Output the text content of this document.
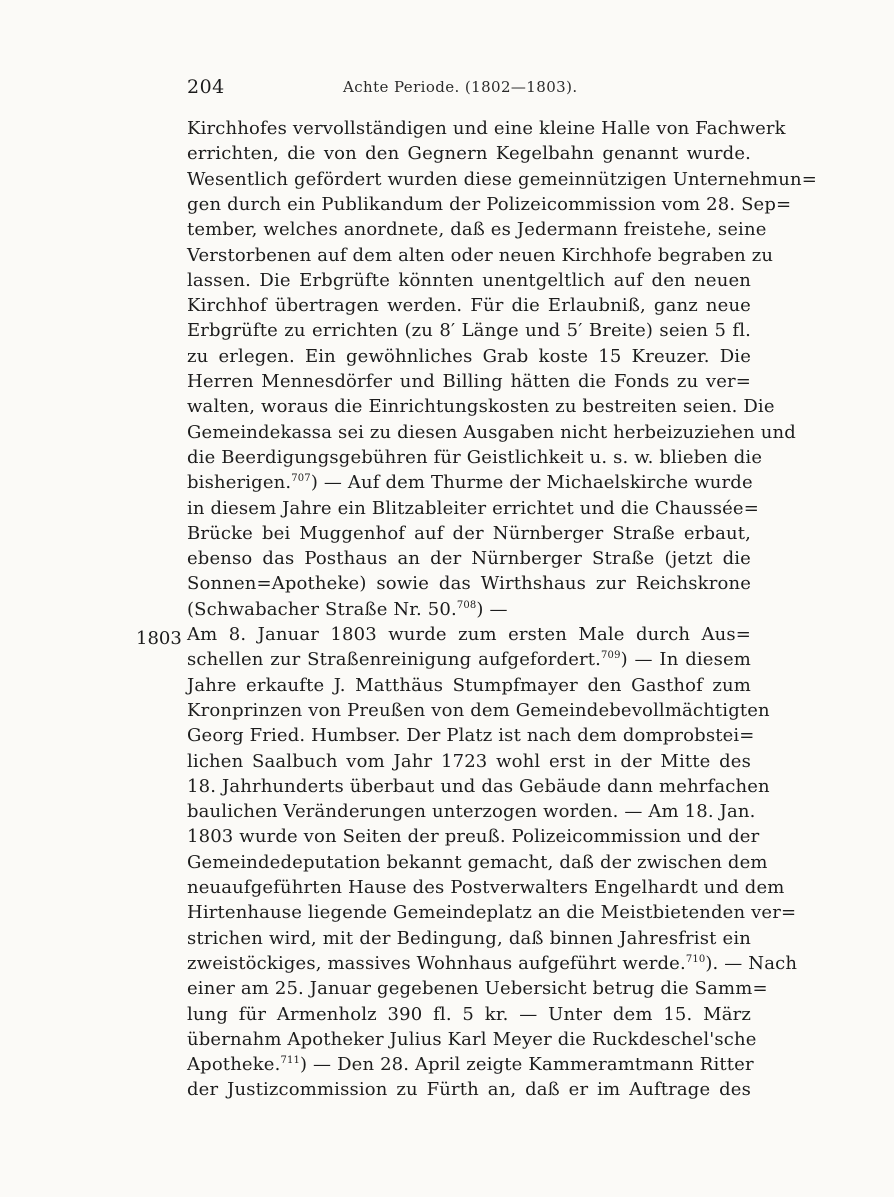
204	Achte Periode. (1802—1803).
1803
Kirchhofes vervollständigen und eine kleine Halle von Fachwerk
errichten, die von den Gegnern Kegelbahn genannt wurde.
Wesentlich gefördert wurden diese gemeinnützigen Unternehmun=
gen durch ein Publikandum der Polizeicommission vom 28. Sep=
tember, welches anordnete, daß es Jedermann freistehe, seine
Verstorbenen auf dem alten oder neuen Kirchhofe begraben zu
lassen. Die Erbgrüfte könnten unentgeltlich auf den neuen
Kirchhof übertragen werden. Für die Erlaubniß, ganz neue
Erbgrüfte zu errichten (zu 8′ Länge und 5′ Breite) seien 5 fl.
zu erlegen. Ein gewöhnliches Grab koste 15 Kreuzer. Die
Herren Mennesdörfer und Billing hätten die Fonds zu ver=
walten, woraus die Einrichtungskosten zu bestreiten seien. Die
Gemeindekassa sei zu diesen Ausgaben nicht herbeizuziehen und
die Beerdigungsgebühren für Geistlichkeit u. s. w. blieben die
bisherigen.$^{707}$) — Auf dem Thurme der Michaelskirche wurde
in diesem Jahre ein Blitzableiter errichtet und die Chaussée=
Brücke bei Muggenhof auf der Nürnberger Straße erbaut,
ebenso das Posthaus an der Nürnberger Straße (jetzt die
Sonnen=Apotheke) sowie das Wirthshaus zur Reichskrone
(Schwabacher Straße Nr. 50.$^{708}$) —
Am 8. Januar 1803 wurde zum ersten Male durch Aus=
schellen zur Straßenreinigung aufgefordert.$^{709}$) — In diesem
Jahre erkaufte J. Matthäus Stumpfmayer den Gasthof zum
Kronprinzen von Preußen von dem Gemeindebevollmächtigten
Georg Fried. Humbser. Der Platz ist nach dem domprobstei=
lichen Saalbuch vom Jahr 1723 wohl erst in der Mitte des
18. Jahrhunderts überbaut und das Gebäude dann mehrfachen
baulichen Veränderungen unterzogen worden. — Am 18. Jan.
1803 wurde von Seiten der preuß. Polizeicommission und der
Gemeindedeputation bekannt gemacht, daß der zwischen dem
neuaufgeführten Hause des Postverwalters Engelhardt und dem
Hirtenhause liegende Gemeindeplatz an die Meistbietenden ver=
strichen wird, mit der Bedingung, daß binnen Jahresfrist ein
zweistöckiges, massives Wohnhaus aufgeführt werde.$^{710}$). — Nach
einer am 25. Januar gegebenen Uebersicht betrug die Samm=
lung für Armenholz 390 fl. 5 kr. — Unter dem 15. März
übernahm Apotheker Julius Karl Meyer die Ruckdeschel'sche
Apotheke.$^{711}$) — Den 28. April zeigte Kammeramtmann Ritter
der Justizcommission zu Fürth an, daß er im Auftrage des
